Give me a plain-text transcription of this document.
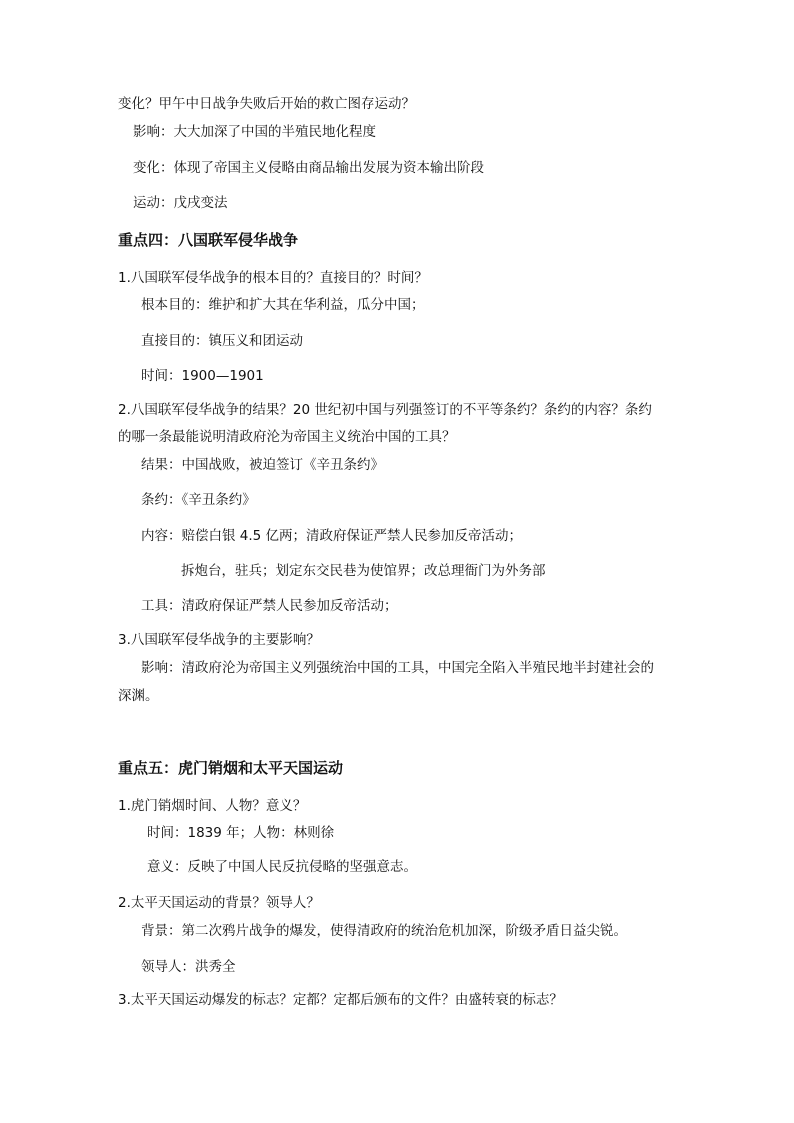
变化？甲午中日战争失败后开始的救亡图存运动？
影响：大大加深了中国的半殖民地化程度
变化：体现了帝国主义侵略由商品输出发展为资本输出阶段
运动：戊戌变法
重点四：八国联军侵华战争
1.八国联军侵华战争的根本目的？直接目的？时间？
根本目的：维护和扩大其在华利益，瓜分中国；
直接目的：镇压义和团运动
时间：1900—1901
2.八国联军侵华战争的结果？20 世纪初中国与列强签订的不平等条约？条约的内容？条约
的哪一条最能说明清政府沦为帝国主义统治中国的工具？
结果：中国战败，被迫签订《辛丑条约》
条约：《辛丑条约》
内容：赔偿白银 4.5 亿两；清政府保证严禁人民参加反帝活动；
拆炮台，驻兵；划定东交民巷为使馆界；改总理衙门为外务部
工具：清政府保证严禁人民参加反帝活动；
3.八国联军侵华战争的主要影响？
影响：清政府沦为帝国主义列强统治中国的工具，中国完全陷入半殖民地半封建社会的
深渊。
重点五：虎门销烟和太平天国运动
1.虎门销烟时间、人物？意义？
时间：1839 年；人物：林则徐
意义：反映了中国人民反抗侵略的坚强意志。
2.太平天国运动的背景？领导人？
背景：第二次鸦片战争的爆发，使得清政府的统治危机加深，阶级矛盾日益尖锐。
领导人：洪秀全
3.太平天国运动爆发的标志？定都？定都后颁布的文件？由盛转衰的标志？
